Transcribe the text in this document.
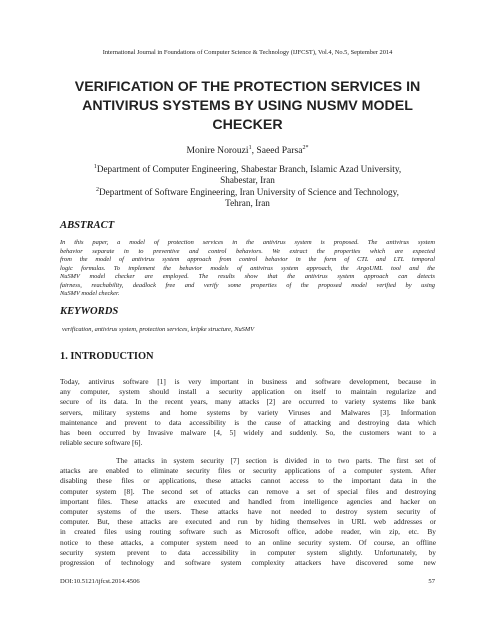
International Journal in Foundations of Computer Science & Technology (IJFCST), Vol.4, No.5, September 2014
VERIFICATION OF THE PROTECTION SERVICES IN
ANTIVIRUS SYSTEMS BY USING NUSMV MODEL
CHECKER
Monire Norouzi$^1$, Saeed Parsa$^{2*}$
$^1$Department of Computer Engineering, Shabestar Branch, Islamic Azad University,
Shabestar, Iran
$^2$Department of Software Engineering, Iran University of Science and Technology,
Tehran, Iran
ABSTRACT
In this paper, a model of protection services in the antivirus system is proposed. The antivirus system
behavior separate in to preventive and control behaviors. We extract the properties which are expected
from the model of antivirus system approach from control behavior in the form of CTL and LTL temporal
logic formulas. To implement the behavior models of antivirus system approach, the ArgoUML tool and the
NuSMV model checker are employed. The results show that the antivirus system approach can detects
fairness, reachability, deadlock free and verify some properties of the proposed model verified by using
NuSMV model checker.
KEYWORDS
verification, antivirus system, protection services, kripke structure, NuSMV
1. INTRODUCTION
Today, antivirus software [1] is very important in business and software development, because in
any computer, system should install a security application on itself to maintain regularize and
secure of its data. In the recent years, many attacks [2] are occurred to variety systems like bank
servers, military systems and home systems by variety Viruses and Malwares [3]. Information
maintenance and prevent to data accessibility is the cause of attacking and destroying data which
has been occurred by Invasive malware [4, 5] widely and suddenly. So, the customers want to a
reliable secure software [6].
The attacks in system security [7] section is divided in to two parts. The first set of
attacks are enabled to eliminate security files or security applications of a computer system. After
disabling these files or applications, these attacks cannot access to the important data in the
computer system [8]. The second set of attacks can remove a set of special files and destroying
important files. These attacks are executed and handled from intelligence agencies and hacker on
computer systems of the users. These attacks have not needed to destroy system security of
computer. But, these attacks are executed and run by hiding themselves in URL web addresses or
in created files using routing software such as Microsoft office, adobe reader, win zip, etc. By
notice to these attacks, a computer system need to an online security system. Of course, an offline
security system prevent to data accessibility in computer system slightly. Unfortunately, by
progression of technology and software system complexity attackers have discovered some new
DOI:10.5121/ijfcst.2014.4506	57
